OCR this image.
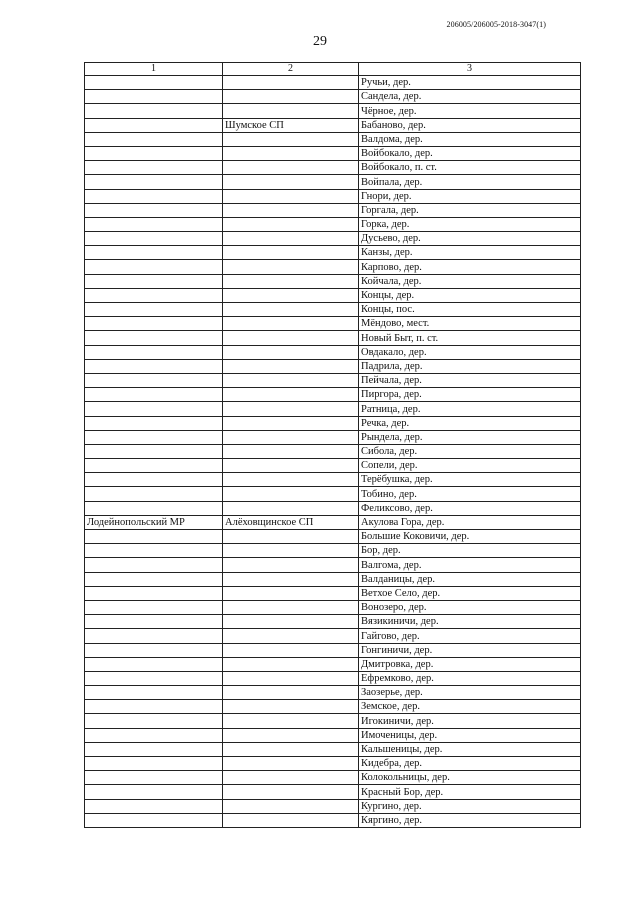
206005/206005-2018-3047(1)
29
1	2	3
		Ручьи, дер.
		Сандела, дер.
		Чёрное, дер.
	Шумское СП	Бабаново, дер.
		Валдома, дер.
		Войбокало, дер.
		Войбокало, п. ст.
		Войпала, дер.
		Гнори, дер.
		Горгала, дер.
		Горка, дер.
		Дусьево, дер.
		Канзы, дер.
		Карпово, дер.
		Койчала, дер.
		Концы, дер.
		Концы, пос.
		Мёндово, мест.
		Новый Быт, п. ст.
		Овдакало, дер.
		Падрила, дер.
		Пейчала, дер.
		Пиргора, дер.
		Ратница, дер.
		Речка, дер.
		Рындела, дер.
		Сибола, дер.
		Сопели, дер.
		Терёбушка, дер.
		Тобино, дер.
		Феликсово, дер.
Лодейнопольский МР	Алёховщинское СП	Акулова Гора, дер.
		Большие Коковичи, дер.
		Бор, дер.
		Валгома, дер.
		Валданицы, дер.
		Ветхое Село, дер.
		Вонозеро, дер.
		Вязикиничи, дер.
		Гайгово, дер.
		Гонгиничи, дер.
		Дмитровка, дер.
		Ефремково, дер.
		Заозерье, дер.
		Земское, дер.
		Игокиничи, дер.
		Имоченицы, дер.
		Кальшеницы, дер.
		Кидебра, дер.
		Колокольницы, дер.
		Красный Бор, дер.
		Кургино, дер.
		Кяргино, дер.
